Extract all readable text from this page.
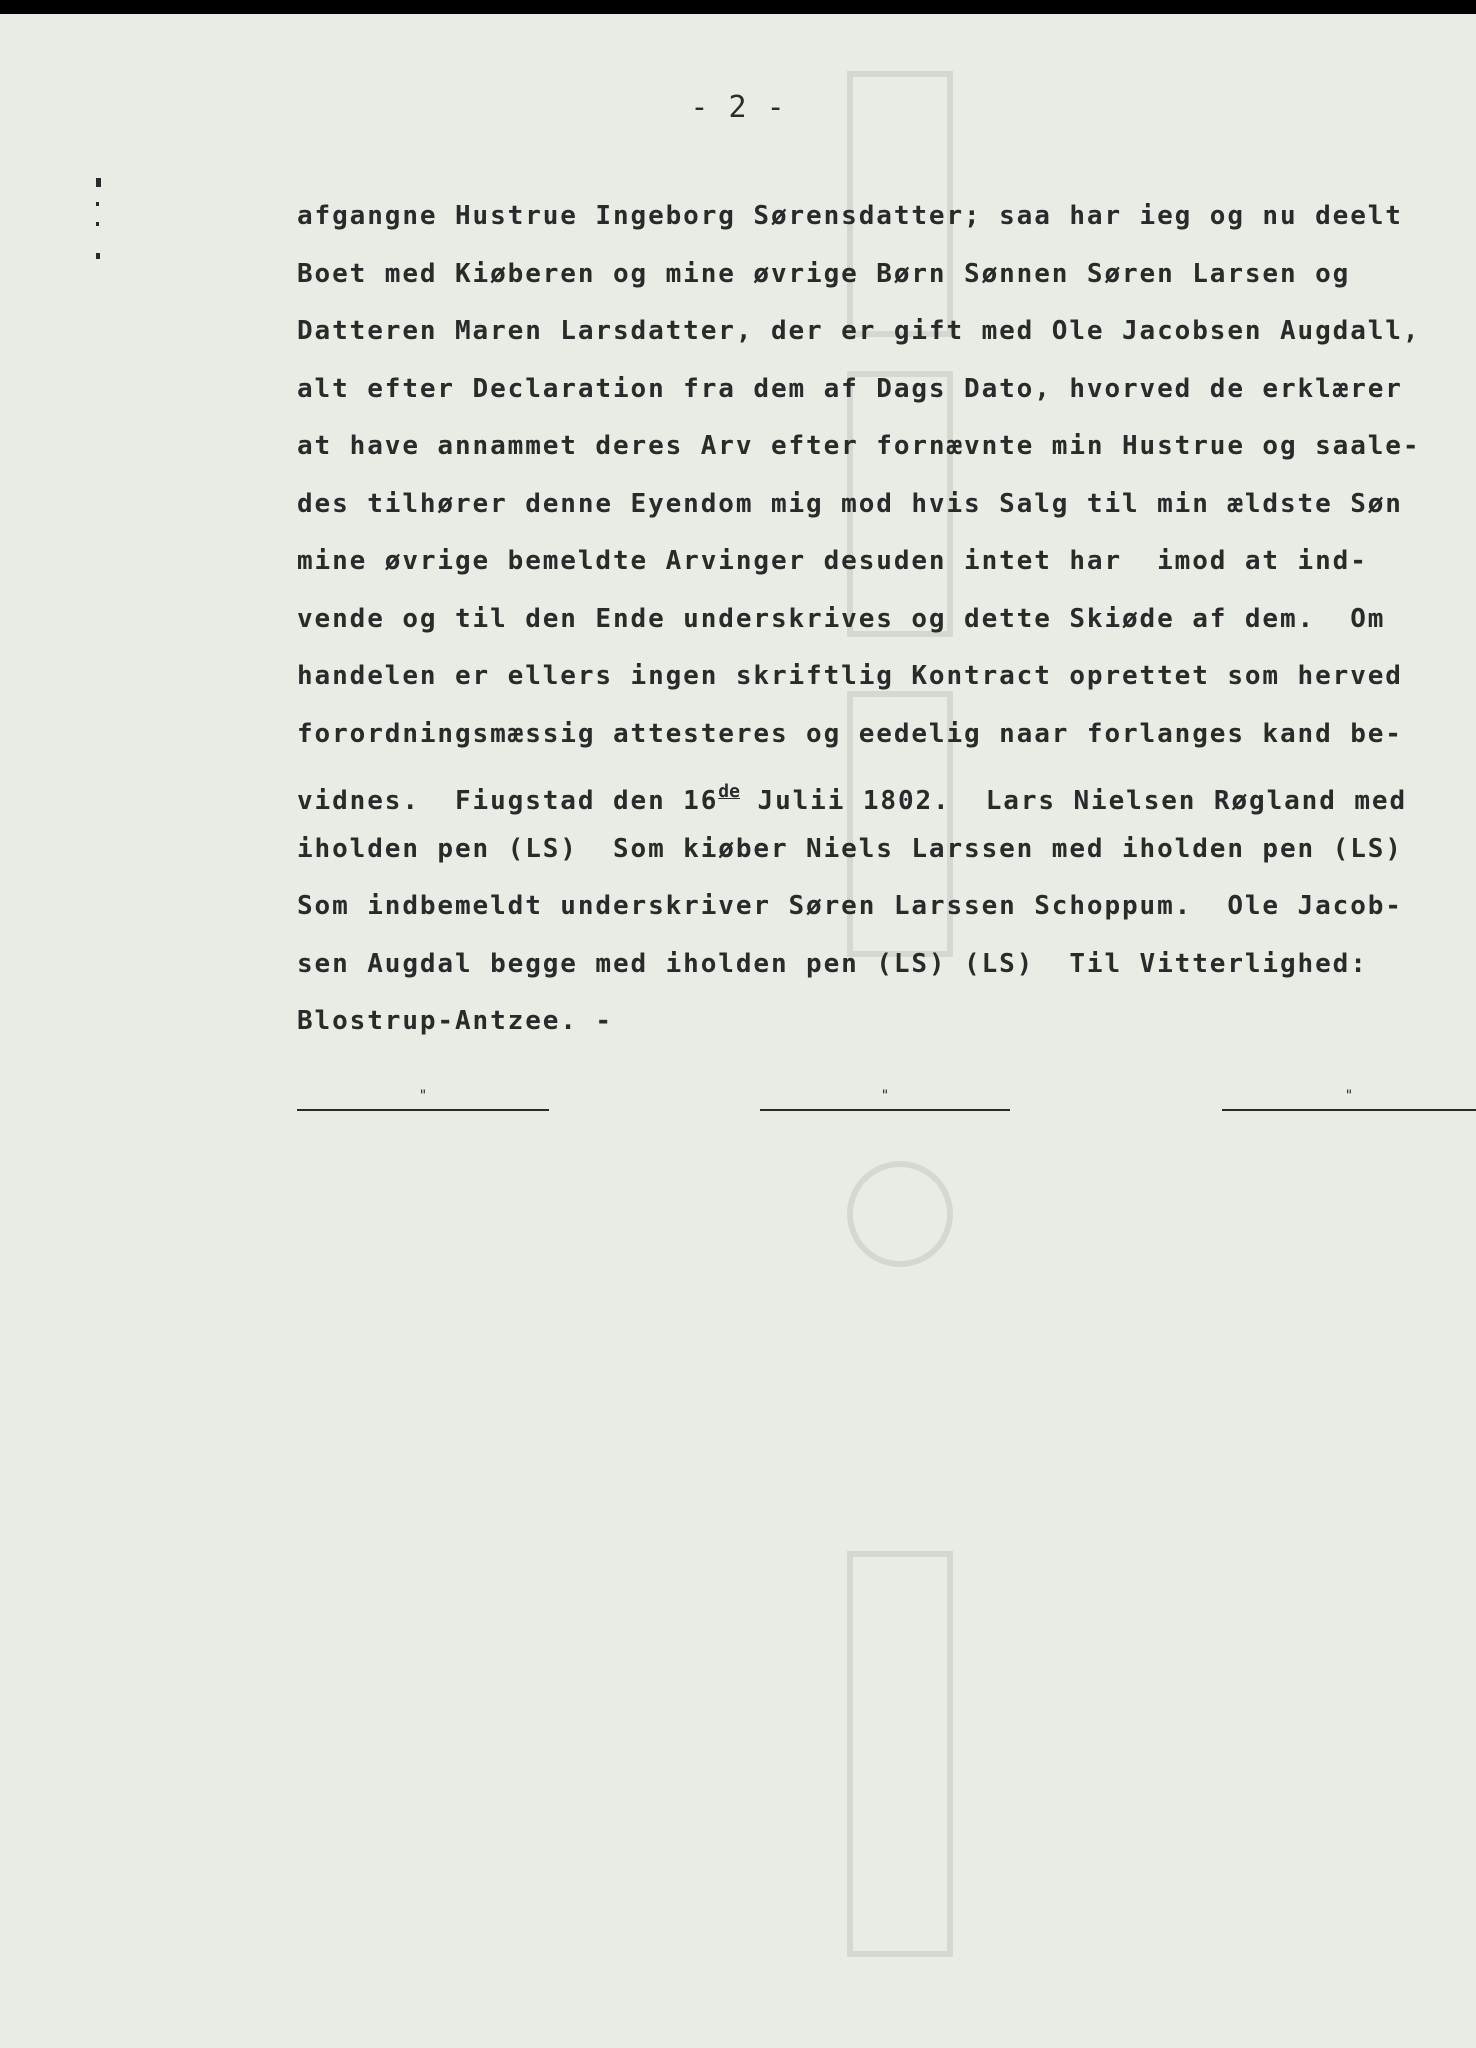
- 2 -
afgangne Hustrue Ingeborg Sørensdatter; saa har ieg og nu deelt
Boet med Kiøberen og mine øvrige Børn Sønnen Søren Larsen og
Datteren Maren Larsdatter, der er gift med Ole Jacobsen Augdall,
alt efter Declaration fra dem af Dags Dato, hvorved de erklærer
at have annammet deres Arv efter fornævnte min Hustrue og saale-
des tilhører denne Eyendom mig mod hvis Salg til min ældste Søn
mine øvrige bemeldte Arvinger desuden intet har  imod at ind-
vende og til den Ende underskrives og dette Skiøde af dem.  Om
handelen er ellers ingen skriftlig Kontract oprettet som herved
forordningsmæssig attesteres og eedelig naar forlanges kand be-
vidnes.  Fiugstad den 16de Julii 1802.  Lars Nielsen Røgland med
iholden pen (LS)  Som kiøber Niels Larssen med iholden pen (LS)
Som indbemeldt underskriver Søren Larssen Schoppum.  Ole Jacob-
sen Augdal begge med iholden pen (LS) (LS)  Til Vitterlighed:
Blostrup-Antzee. -
"	"	"
